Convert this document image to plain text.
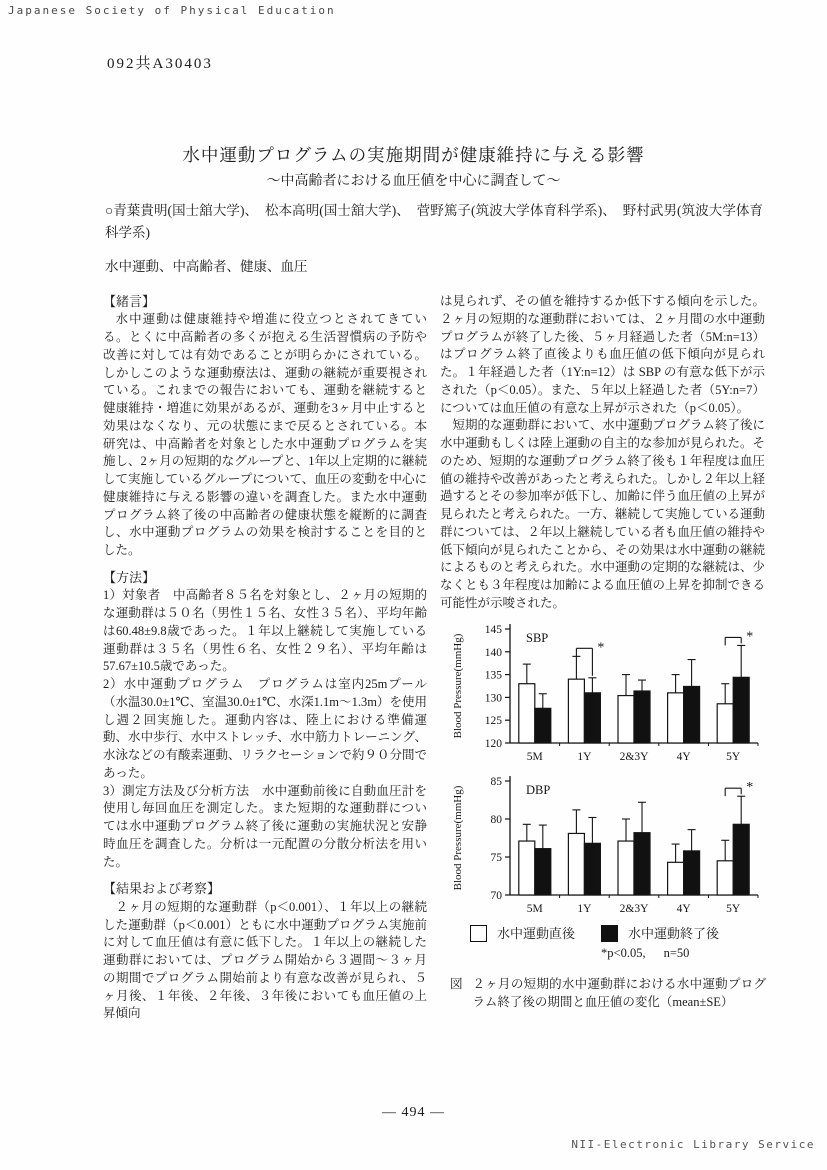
Japanese Society of Physical Education
092共A30403
水中運動プログラムの実施期間が健康維持に与える影響
～中高齢者における血圧値を中心に調査して～
○青葉貴明(国士舘大学)、　松本高明(国士舘大学)、　菅野篤子(筑波大学体育科学系)、　野村武男(筑波大学体育科学系)
水中運動、中高齢者、健康、血圧

【緒言】

水中運動は健康維持や増進に役立つとされてきている。とくに中高齢者の多くが抱える生活習慣病の予防や改善に対しては有効であることが明らかにされている。しかしこのような運動療法は、運動の継続が重要視されている。これまでの報告においても、運動を継続すると健康維持・増進に効果があるが、運動を3ヶ月中止すると効果はなくなり、元の状態にまで戻るとされている。本研究は、中高齢者を対象とした水中運動プログラムを実施し、2ヶ月の短期的なグループと、1年以上定期的に継続して実施しているグループについて、血圧の変動を中心に健康維持に与える影響の違いを調査した。また水中運動プログラム終了後の中高齢者の健康状態を縦断的に調査し、水中運動プログラムの効果を検討することを目的とした。

【方法】

1）対象者　中高齢者８５名を対象とし、２ヶ月の短期的な運動群は５０名（男性１５名、女性３５名）、平均年齢は60.48±9.8歳であった。１年以上継続して実施している運動群は３５名（男性６名、女性２９名）、平均年齢は57.67±10.5歳であった。

2）水中運動プログラム　プログラムは室内25mプール（水温30.0±1℃、室温30.0±1℃、水深1.1m～1.3m）を使用し週２回実施した。運動内容は、陸上における準備運動、水中歩行、水中ストレッチ、水中筋力トレーニング、水泳などの有酸素運動、リラクセーションで約９０分間であった。

3）測定方法及び分析方法　水中運動前後に自動血圧計を使用し毎回血圧を測定した。また短期的な運動群については水中運動プログラム終了後に運動の実施状況と安静時血圧を調査した。分析は一元配置の分散分析法を用いた。

【結果および考察】

２ヶ月の短期的な運動群（p＜0.001）、１年以上の継続した運動群（p＜0.001）ともに水中運動プログラム実施前に対して血圧値は有意に低下した。１年以上の継続した運動群においては、プログラム開始から３週間～３ヶ月の期間でプログラム開始前より有意な改善が見られ、５ヶ月後、１年後、２年後、３年後においても血圧値の上昇傾向

は見られず、その値を維持するか低下する傾向を示した。２ヶ月の短期的な運動群においては、２ヶ月間の水中運動プログラムが終了した後、５ヶ月経過した者（5M:n=13）はプログラム終了直後よりも血圧値の低下傾向が見られた。１年経過した者（1Y:n=12）は SBP の有意な低下が示された（p＜0.05）。また、５年以上経過した者（5Y:n=7）については血圧値の有意な上昇が示された（p＜0.05）。

短期的な運動群において、水中運動プログラム終了後に水中運動もしくは陸上運動の自主的な参加が見られた。そのため、短期的な運動プログラム終了後も１年程度は血圧値の維持や改善があったと考えられた。しかし２年以上経過するとその参加率が低下し、加齢に伴う血圧値の上昇が見られたと考えられた。一方、継続して実施している運動群については、２年以上継続している者も血圧値の維持や低下傾向が見られたことから、その効果は水中運動の継続によるものと考えられた。水中運動の定期的な継続は、少なくとも３年程度は加齢による血圧値の上昇を抑制できる可能性が示唆された。

120
125
130
135
140
145
Blood Pressure(mmHg)	SBP
5M	1Y
*
2&3Y 4Y	5Y
*
70
75
80
85
Blood Pressure(mmHg)	DBP
5M	1Y 2&3Y 4Y	5Y
*
水中運動直後	水中運動終了後
*p<0.05, n=50
図 ２ヶ月の短期的水中運動群における水中運動プログラム終了後の期間と血圧値の変化（mean±SE）
― 494 ―
NII-Electronic Library Service
